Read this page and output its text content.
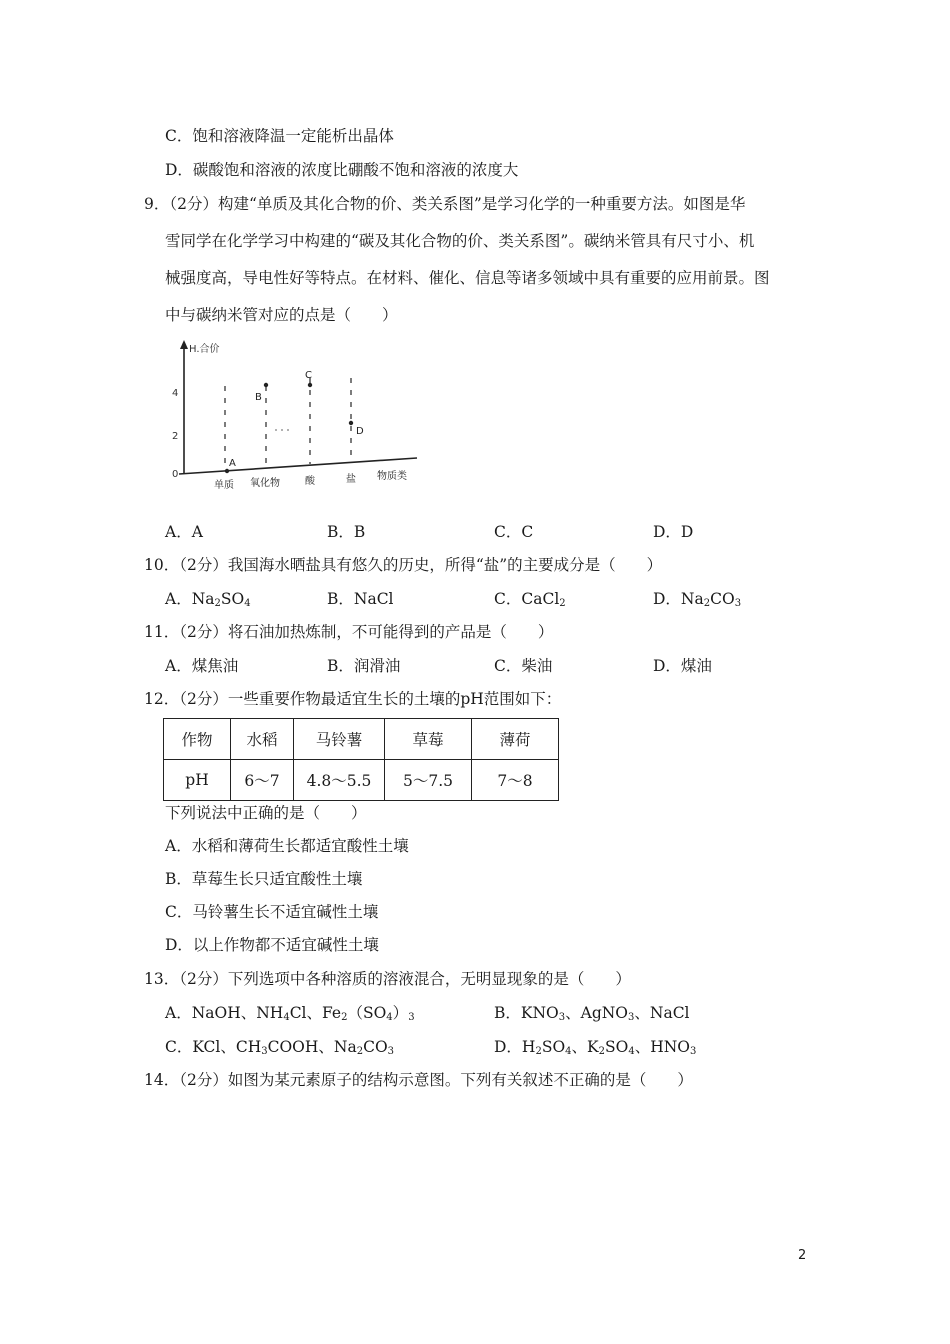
C．饱和溶液降温一定能析出晶体
D．碳酸饱和溶液的浓度比硼酸不饱和溶液的浓度大
9．（2分）构建“单质及其化合物的价、类关系图”是学习化学的一种重要方法。如图是华
雪同学在化学学习中构建的“碳及其化合物的价、类关系图”。碳纳米管具有尺寸小、机
械强度高，导电性好等特点。在材料、催化、信息等诸多领域中具有重要的应用前景。图
中与碳纳米管对应的点是（　　）
H.合价
4
2
0
A
B
C
D
单质 氧化物	酸	盐 物质类
A．A	B．B	C．C	D．D
10．（2分）我国海水晒盐具有悠久的历史，所得“盐”的主要成分是（　　）
A．$Na_2SO_4$	B．NaCl	C．CaCl$_2$	D．$Na_2CO_3$
11．（2分）将石油加热炼制，不可能得到的产品是（　　）
A．煤焦油	B．润滑油	C．柴油	D．煤油
12．（2分）一些重要作物最适宜生长的土壤的pH范围如下：
作物	水稻	马铃薯	草莓	薄荷
pH	6～7	4.8～5.5	5～7.5	7～8
下列说法中正确的是（　　）
A．水稻和薄荷生长都适宜酸性土壤
B．草莓生长只适宜酸性土壤
C．马铃薯生长不适宜碱性土壤
D．以上作物都不适宜碱性土壤
13．（2分）下列选项中各种溶质的溶液混合，无明显现象的是（　　）
A．NaOH、$NH_4Cl$、$Fe_2(SO_4)_3$	B．$KNO_3$、AgNO$_3$、NaCl
C．KCl、$CH_3COOH$、$Na_2CO_3$	D．$H_2SO_4$、$K_2SO_4$、$HNO_3$
14．（2分）如图为某元素原子的结构示意图。下列有关叙述不正确的是（　　）
2
